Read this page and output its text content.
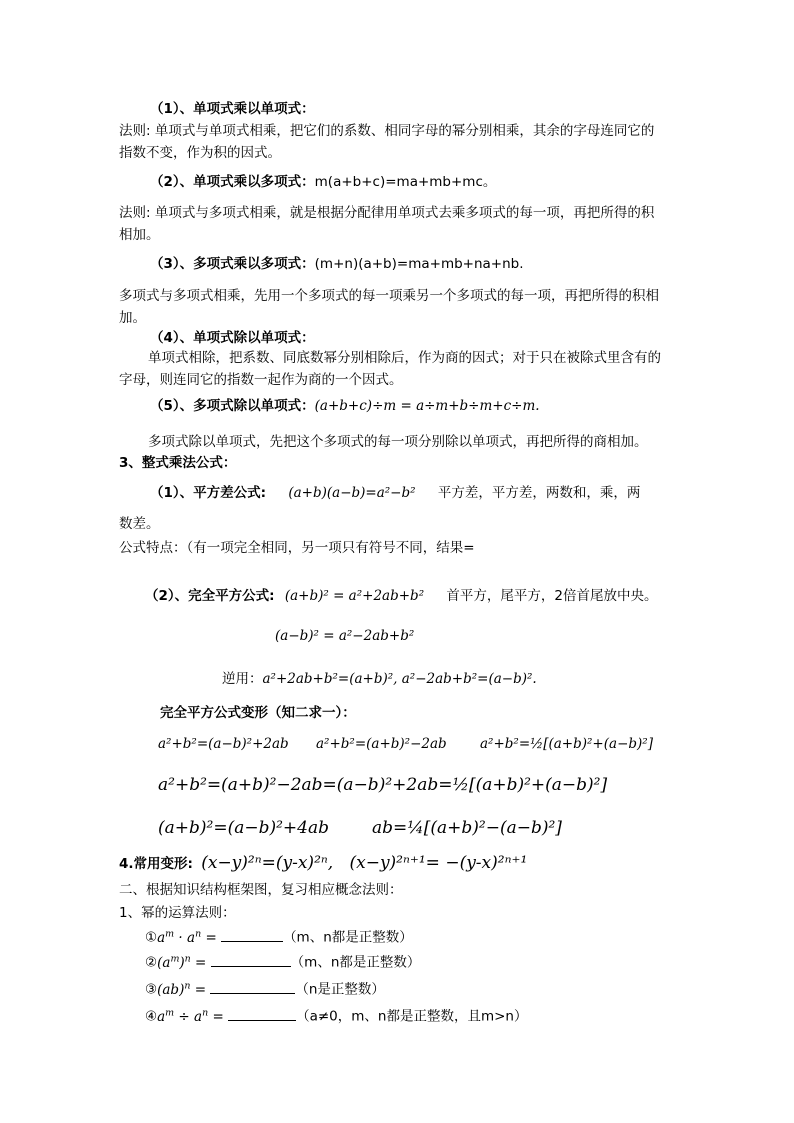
（1）、单项式乘以单项式：
法则: 单项式与单项式相乘，把它们的系数、相同字母的幂分别相乘，其余的字母连同它的
指数不变，作为积的因式。
（2）、单项式乘以多项式：m(a+b+c)=ma+mb+mc。
法则: 单项式与多项式相乘，就是根据分配律用单项式去乘多项式的每一项，再把所得的积
相加。
（3）、多项式乘以多项式：(m+n)(a+b)=ma+mb+na+nb.
多项式与多项式相乘，先用一个多项式的每一项乘另一个多项式的每一项，再把所得的积相
加。
（4）、单项式除以单项式：
单项式相除，把系数、同底数幂分别相除后，作为商的因式；对于只在被除式里含有的
字母，则连同它的指数一起作为商的一个因式。
（5）、多项式除以单项式：(a+b+c)÷m = a÷m+b÷m+c÷m.
多项式除以单项式，先把这个多项式的每一项分别除以单项式，再把所得的商相加。
3、整式乘法公式：
（1）、平方差公式: (a+b)(a−b)=a²−b² 平方差，平方差，两数和，乘，两
数差。
公式特点：（有一项完全相同，另一项只有符号不同，结果=
（2）、完全平方公式: (a+b)² = a²+2ab+b² 首平方，尾平方，2倍首尾放中央。
(a−b)² = a²−2ab+b²
逆用：a²+2ab+b²=(a+b)², a²−2ab+b²=(a−b)².
完全平方公式变形（知二求一）：
a²+b²=(a−b)²+2ab a²+b²=(a+b)²−2ab a²+b²=½[(a+b)²+(a−b)²]
a²+b²=(a+b)²−2ab=(a−b)²+2ab=½[(a+b)²+(a−b)²]
(a+b)²=(a−b)²+4ab	ab=¼[(a+b)²−(a−b)²]
4.常用变形: (x−y)²ⁿ=(y-x)²ⁿ, (x−y)²ⁿ⁺¹= −(y-x)²ⁿ⁺¹
二、根据知识结构框架图，复习相应概念法则：
1、幂的运算法则：
$①a^m \cdot a^n$ =	（m、n都是正整数）
$②(a^m)^n$ =	（m、n都是正整数）
③(ab)$^n$ =	（n是正整数）
$④a^m \div a^n$ =	（a≠0，m、n都是正整数，且m>n）
